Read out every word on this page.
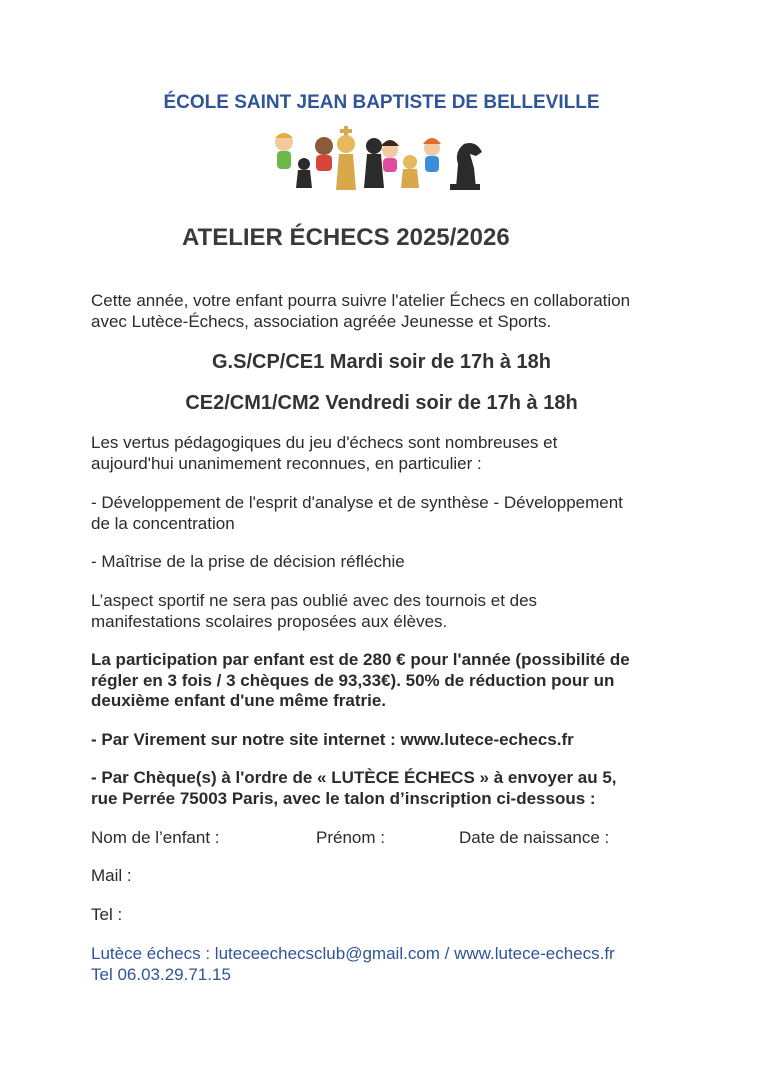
ÉCOLE SAINT JEAN BAPTISTE DE BELLEVILLE
ATELIER ÉCHECS 2025/2026
Cette année, votre enfant pourra suivre l'atelier Échecs en collaboration
avec Lutèce-Échecs, association agréée Jeunesse et Sports.
G.S/CP/CE1 Mardi soir de 17h à 18h
CE2/CM1/CM2 Vendredi soir de 17h à 18h
Les vertus pédagogiques du jeu d'échecs sont nombreuses et
aujourd'hui unanimement reconnues, en particulier :
- Développement de l'esprit d'analyse et de synthèse - Développement
de la concentration
- Maîtrise de la prise de décision réfléchie
L’aspect sportif ne sera pas oublié avec des tournois et des
manifestations scolaires proposées aux élèves.
La participation par enfant est de 280 € pour l'année (possibilité de
régler en 3 fois / 3 chèques de 93,33€). 50% de réduction pour un
deuxième enfant d'une même fratrie.
- Par Virement sur notre site internet : www.lutece-echecs.fr
- Par Chèque(s) à l'ordre de « LUTÈCE ÉCHECS » à envoyer au 5,
rue Perrée 75003 Paris, avec le talon d’inscription ci-dessous :
Nom de l’enfant :	Prénom :	Date de naissance :
Mail :
Tel :
Lutèce échecs : luteceechecsclub@gmail.com / www.lutece-echecs.fr
Tel 06.03.29.71.15
